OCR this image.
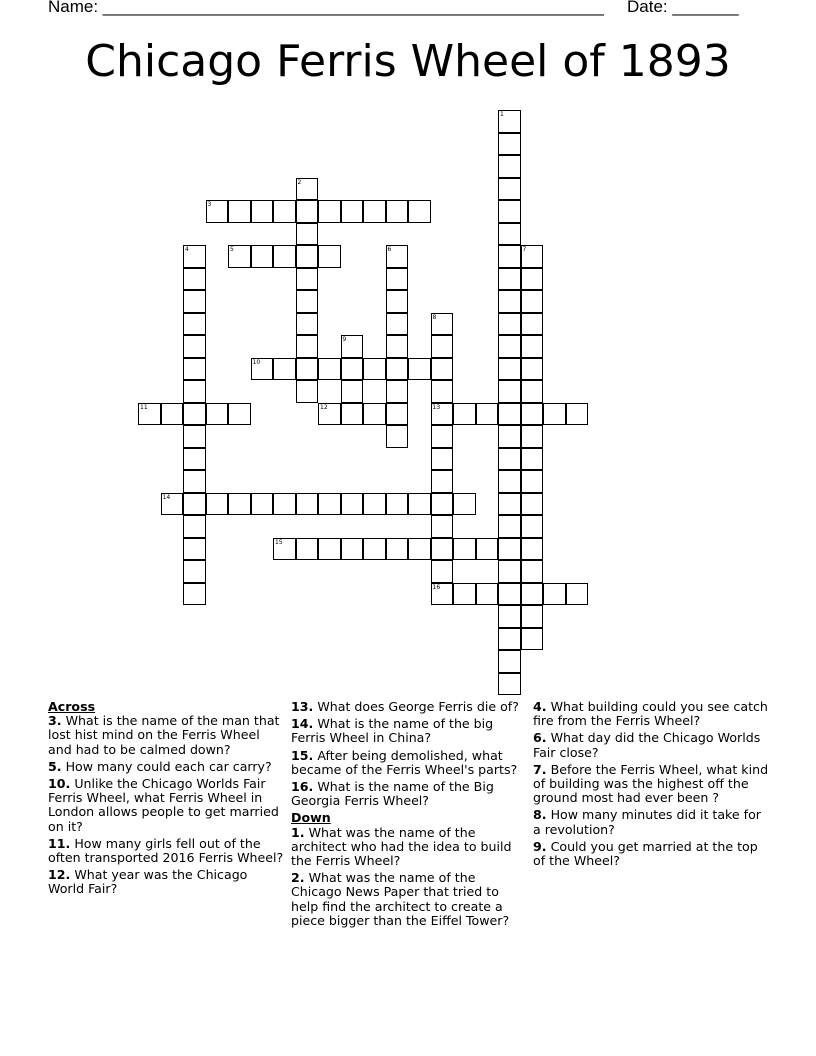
Name: _____________________________________________________ Date: _______
Chicago Ferris Wheel of 1893
1
2
3
4	5	6	7
8
13
16
9
10
11	12
14
15
Across
3. What is the name of the man that lost hist mind on the Ferris Wheel and had to be calmed down?
5. How many could each car carry?
10. Unlike the Chicago Worlds Fair Ferris Wheel, what Ferris Wheel in London allows people to get married on it?
11. How many girls fell out of the often transported 2016 Ferris Wheel?
12. What year was the Chicago World Fair?
13. What does George Ferris die of?
14. What is the name of the big Ferris Wheel in China?
15. After being demolished, what became of the Ferris Wheel's parts?
16. What is the name of the Big Georgia Ferris Wheel?
Down
1. What was the name of the architect who had the idea to build the Ferris Wheel?
2. What was the name of the Chicago News Paper that tried to help find the architect to create a piece bigger than the Eiffel Tower?
4. What building could you see catch fire from the Ferris Wheel?
6. What day did the Chicago Worlds Fair close?
7. Before the Ferris Wheel, what kind of building was the highest off the ground most had ever been ?
8. How many minutes did it take for a revolution?
9. Could you get married at the top of the Wheel?
